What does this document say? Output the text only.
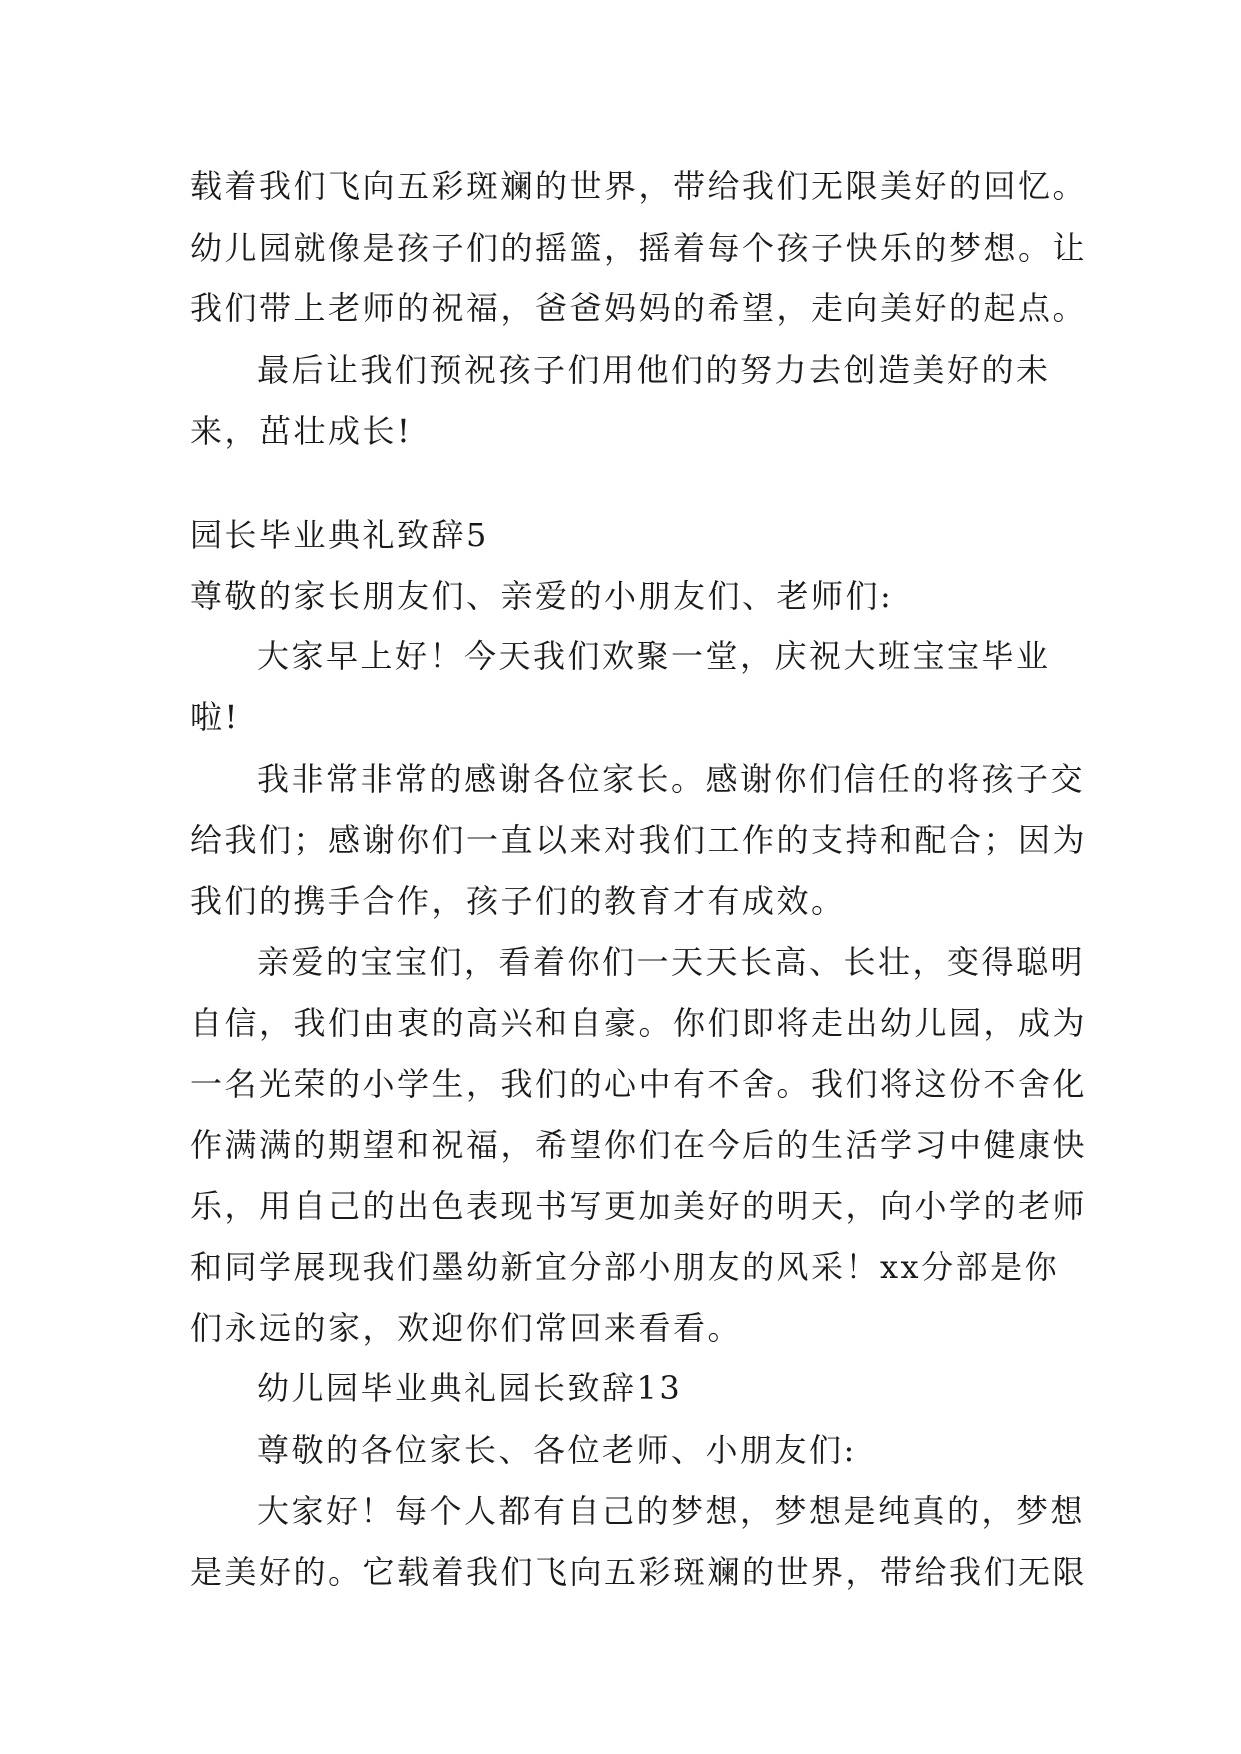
载着我们飞向五彩斑斓的世界，带给我们无限美好的回忆。
幼儿园就像是孩子们的摇篮，摇着每个孩子快乐的梦想。让
我们带上老师的祝福，爸爸妈妈的希望，走向美好的起点。
最后让我们预祝孩子们用他们的努力去创造美好的未
来，茁壮成长!
园长毕业典礼致辞5
尊敬的家长朋友们、亲爱的小朋友们、老师们:
大家早上好！今天我们欢聚一堂，庆祝大班宝宝毕业
啦!
我非常非常的感谢各位家长。感谢你们信任的将孩子交
给我们；感谢你们一直以来对我们工作的支持和配合；因为
我们的携手合作，孩子们的教育才有成效。
亲爱的宝宝们，看着你们一天天长高、长壮，变得聪明
自信，我们由衷的高兴和自豪。你们即将走出幼儿园，成为
一名光荣的小学生，我们的心中有不舍。我们将这份不舍化
作满满的期望和祝福，希望你们在今后的生活学习中健康快
乐，用自己的出色表现书写更加美好的明天，向小学的老师
和同学展现我们墨幼新宜分部小朋友的风采！xx分部是你
们永远的家，欢迎你们常回来看看。
幼儿园毕业典礼园长致辞13
尊敬的各位家长、各位老师、小朋友们:
大家好！每个人都有自己的梦想，梦想是纯真的，梦想
是美好的。它载着我们飞向五彩斑斓的世界，带给我们无限
